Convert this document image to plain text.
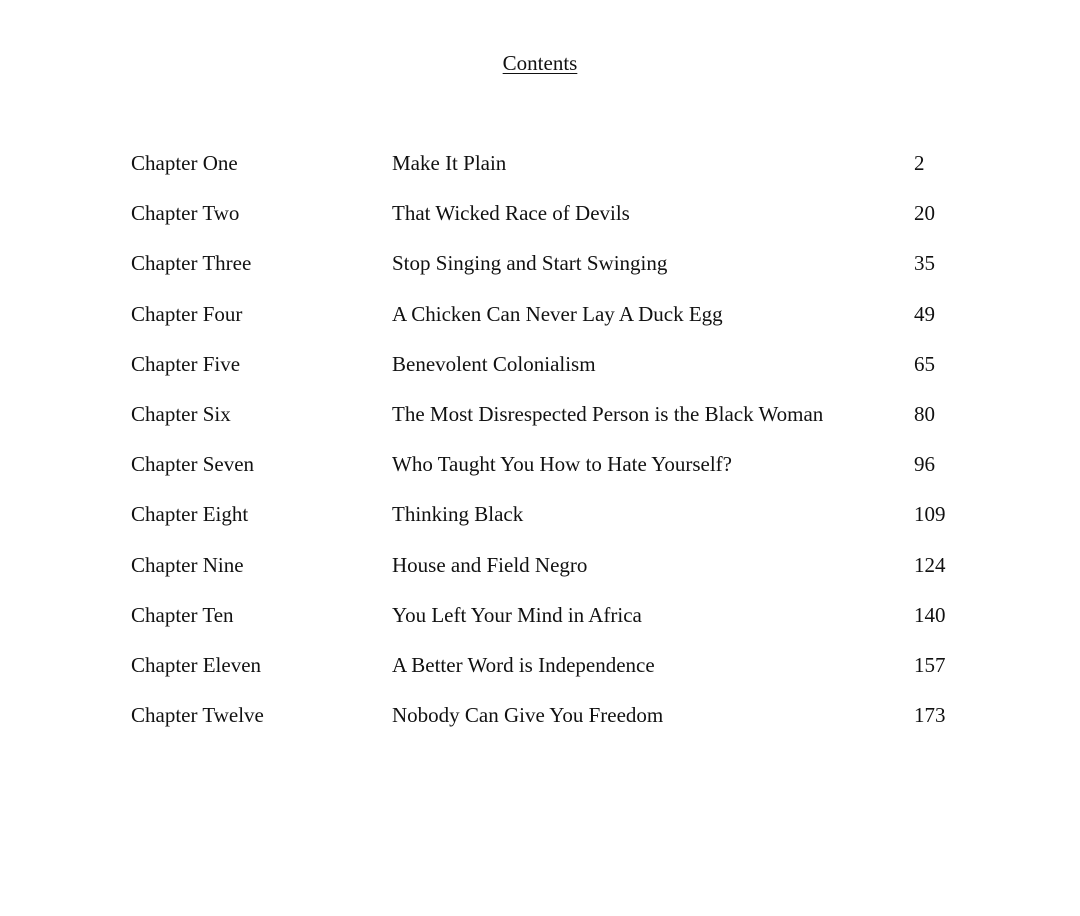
Contents
Chapter One	Make It Plain	2
Chapter Two	That Wicked Race of Devils	20
Chapter Three	Stop Singing and Start Swinging	35
Chapter Four	A Chicken Can Never Lay A Duck Egg	49
Chapter Five	Benevolent Colonialism	65
Chapter Six	The Most Disrespected Person is the Black Woman	80
Chapter Seven	Who Taught You How to Hate Yourself?	96
Chapter Eight	Thinking Black	109
Chapter Nine	House and Field Negro	124
Chapter Ten	You Left Your Mind in Africa	140
Chapter Eleven	A Better Word is Independence	157
Chapter Twelve	Nobody Can Give You Freedom	173
